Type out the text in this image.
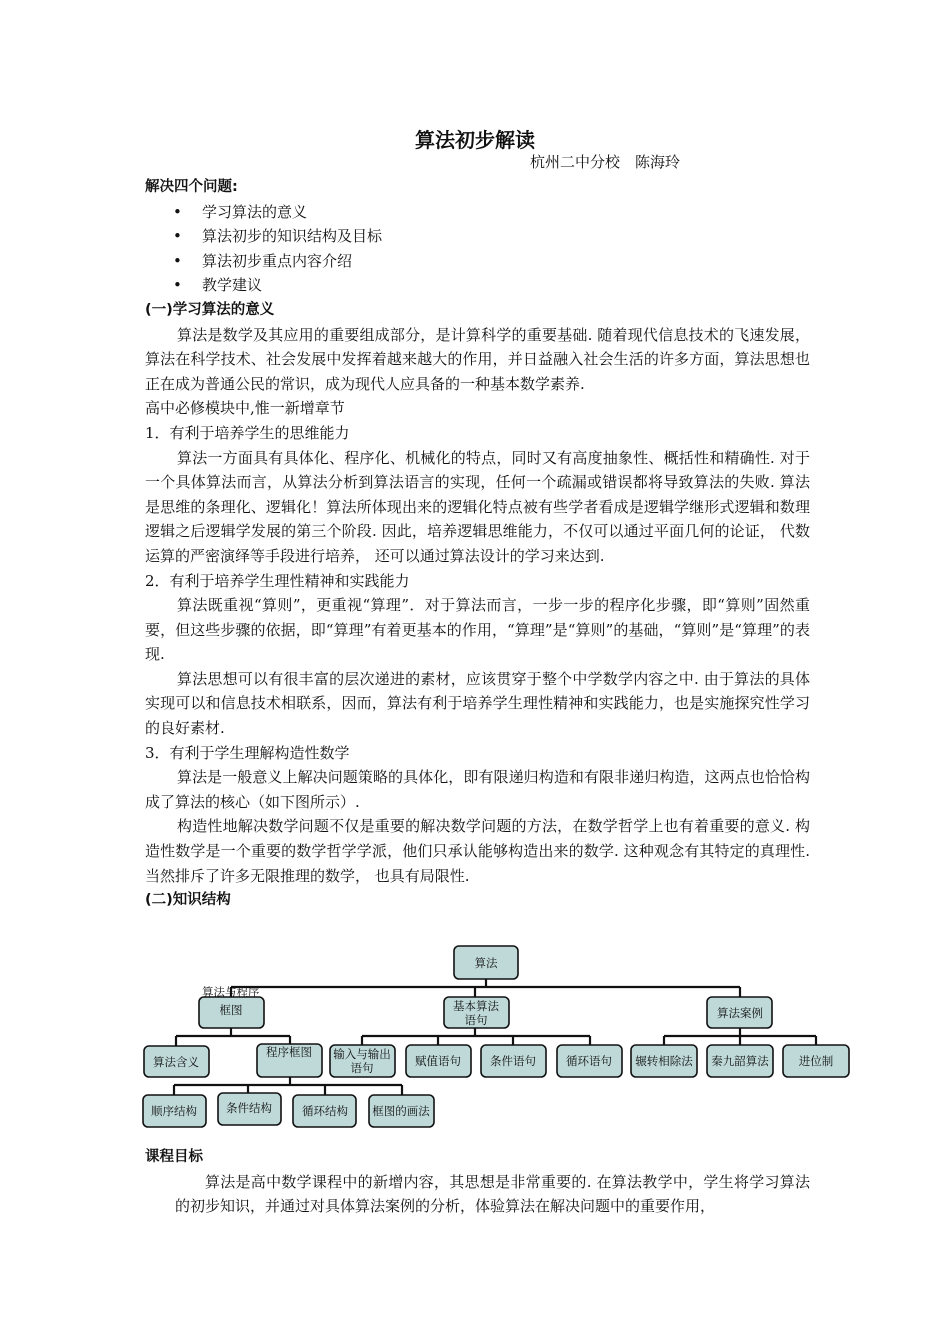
算法初步解读
杭州二中分校　陈海玲
解决四个问题:
• 学习算法的意义
• 算法初步的知识结构及目标
• 算法初步重点内容介绍
• 教学建议
(一)学习算法的意义

算法是数学及其应用的重要组成部分，是计算科学的重要基础. 随着现代信息技术的飞速发展，算法在科学技术、社会发展中发挥着越来越大的作用，并日益融入社会生活的许多方面，算法思想也正在成为普通公民的常识，成为现代人应具备的一种基本数学素养.

高中必修模块中,惟一新增章节

1．有利于培养学生的思维能力

算法一方面具有具体化、程序化、机械化的特点，同时又有高度抽象性、概括性和精确性. 对于一个具体算法而言，从算法分析到算法语言的实现，任何一个疏漏或错误都将导致算法的失败. 算法是思维的条理化、逻辑化！算法所体现出来的逻辑化特点被有些学者看成是逻辑学继形式逻辑和数理逻辑之后逻辑学发展的第三个阶段. 因此，培养逻辑思维能力，不仅可以通过平面几何的论证， 代数运算的严密演绎等手段进行培养， 还可以通过算法设计的学习来达到.

2．有利于培养学生理性精神和实践能力

算法既重视“算则”，更重视“算理”．对于算法而言，一步一步的程序化步骤，即“算则”固然重要，但这些步骤的依据，即“算理”有着更基本的作用，“算理”是“算则”的基础，“算则”是“算理”的表现.

算法思想可以有很丰富的层次递进的素材，应该贯穿于整个中学数学内容之中. 由于算法的具体实现可以和信息技术相联系，因而，算法有利于培养学生理性精神和实践能力，也是实施探究性学习的良好素材.

3．有利于学生理解构造性数学

算法是一般意义上解决问题策略的具体化，即有限递归构造和有限非递归构造，这两点也恰恰构成了算法的核心（如下图所示）.

构造性地解决数学问题不仅是重要的解决数学问题的方法，在数学哲学上也有着重要的意义. 构造性数学是一个重要的数学哲学学派，他们只承认能够构造出来的数学. 这种观念有其特定的真理性. 当然排斥了许多无限推理的数学， 也具有局限性.

(二)知识结构
算法
算法与程序
框图	基本算法
语句	算法案例
算法含义
程序框图 输入与输出
语句	赋值语句	条件语句	循环语句 辗转相除法 秦九韶算法	进位制
顺序结构	条件结构	循环结构 框图的画法
课程目标

算法是高中数学课程中的新增内容，其思想是非常重要的. 在算法教学中，学生将学习算法的初步知识，并通过对具体算法案例的分析，体验算法在解决问题中的重要作用，
